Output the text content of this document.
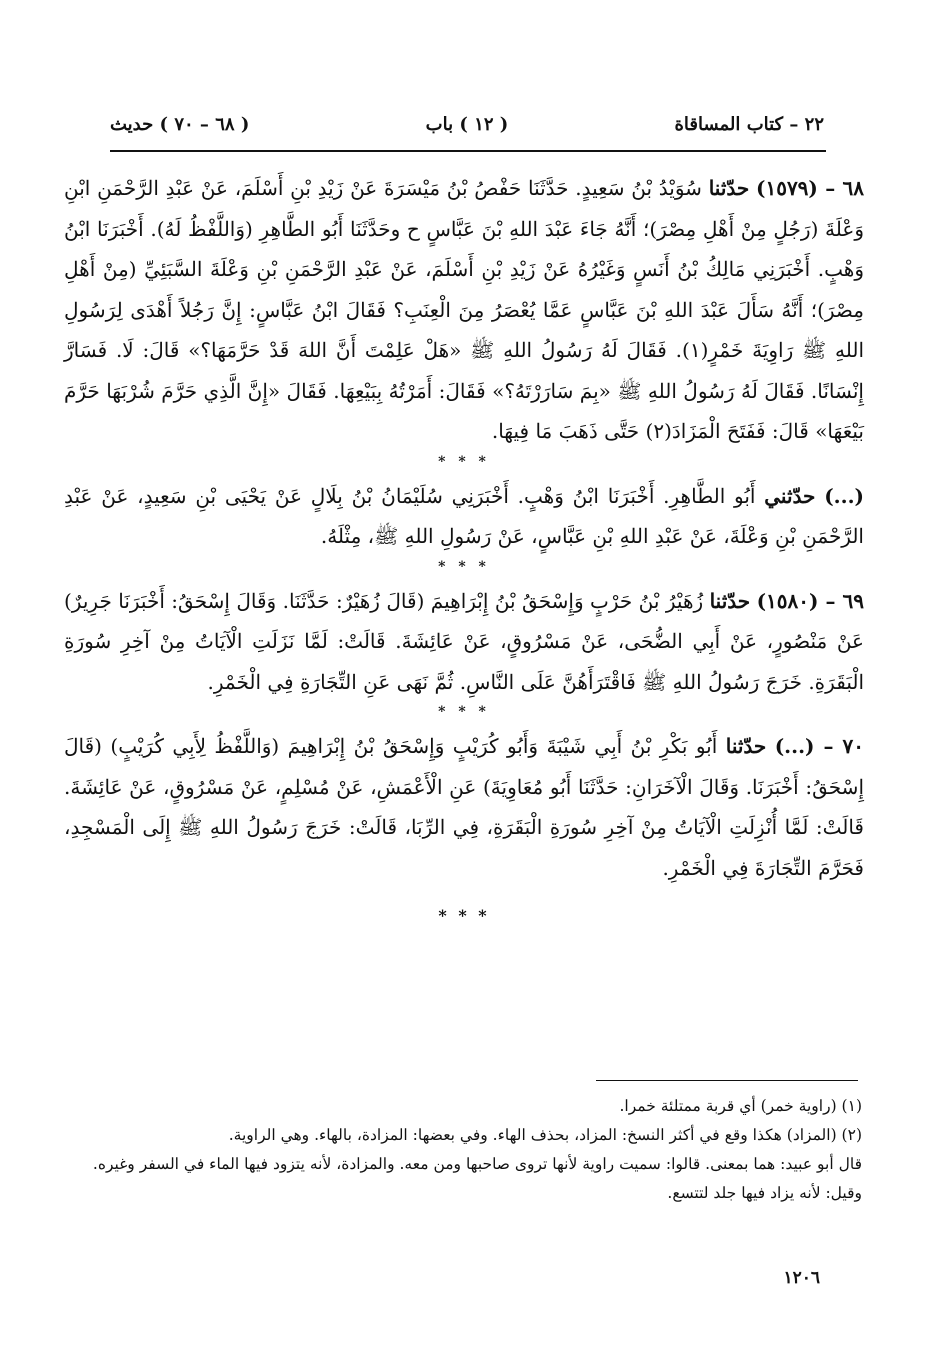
٢٢ – كتاب المساقاة
( ١٢ ) باب
( ٦٨ – ٧٠ ) حديث

٦٨ – (١٥٧٩) حدّثنا سُوَيْدُ بْنُ سَعِيدٍ. حَدَّثَنَا حَفْصُ بْنُ مَيْسَرَةَ عَنْ زَيْدِ بْنِ أَسْلَمَ، عَنْ عَبْدِ الرَّحْمَنِ ابْنِ وَعْلَةَ (رَجُلٍ مِنْ أَهْلِ مِصْرَ)؛ أَنَّهُ جَاءَ عَبْدَ اللهِ بْنَ عَبَّاسٍ ح وحَدَّثَنَا أَبُو الطَّاهِرِ (وَاللَّفْظُ لَهُ). أَخْبَرَنَا ابْنُ وَهْبٍ. أَخْبَرَنِي مَالِكُ بْنُ أَنَسٍ وَغَيْرُهُ عَنْ زَيْدِ بْنِ أَسْلَمَ، عَنْ عَبْدِ الرَّحْمَنِ بْنِ وَعْلَةَ السَّبَئِيِّ (مِنْ أَهْلِ مِصْرَ)؛ أَنَّهُ سَأَلَ عَبْدَ اللهِ بْنَ عَبَّاسٍ عَمَّا يُعْصَرُ مِنَ الْعِنَبِ؟ فَقَالَ ابْنُ عَبَّاسٍ: إِنَّ رَجُلاً أَهْدَى لِرَسُولِ اللهِ ﷺ رَاوِيَةَ خَمْرٍ(١). فَقَالَ لَهُ رَسُولُ اللهِ ﷺ «هَلْ عَلِمْتَ أَنَّ اللهَ قَدْ حَرَّمَهَا؟» قَالَ: لَا. فَسَارَّ إِنْسَانًا. فَقَالَ لَهُ رَسُولُ اللهِ ﷺ «بِمَ سَارَرْتَهُ؟» فَقَالَ: أَمَرْتُهُ بِبَيْعِهَا. فَقَالَ «إِنَّ الَّذِي حَرَّمَ شُرْبَهَا حَرَّمَ بَيْعَهَا» قَالَ: فَفَتَحَ الْمَزَادَ(٢) حَتَّى ذَهَبَ مَا فِيهَا.

* * *

(...) حدّثني أَبُو الطَّاهِرِ. أَخْبَرَنَا ابْنُ وَهْبٍ. أَخْبَرَنِي سُلَيْمَانُ بْنُ بِلَالٍ عَنْ يَحْيَى بْنِ سَعِيدٍ، عَنْ عَبْدِ الرَّحْمَنِ بْنِ وَعْلَةَ، عَنْ عَبْدِ اللهِ بْنِ عَبَّاسٍ، عَنْ رَسُولِ اللهِ ﷺ، مِثْلَهُ.

* * *

٦٩ – (١٥٨٠) حدّثنا زُهَيْرُ بْنُ حَرْبٍ وَإِسْحَقُ بْنُ إِبْرَاهِيمَ (قَالَ زُهَيْرٌ: حَدَّثَنَا. وَقَالَ إِسْحَقُ: أَخْبَرَنَا جَرِيرٌ) عَنْ مَنْصُورٍ، عَنْ أَبِي الضُّحَى، عَنْ مَسْرُوقٍ، عَنْ عَائِشَةَ. قَالَتْ: لَمَّا نَزَلَتِ الْآيَاتُ مِنْ آخِرِ سُورَةِ الْبَقَرَةِ. خَرَجَ رَسُولُ اللهِ ﷺ فَاقْتَرَأَهُنَّ عَلَى النَّاسِ. ثُمَّ نَهَى عَنِ التِّجَارَةِ فِي الْخَمْرِ.

* * *

٧٠ – (...) حدّثنا أَبُو بَكْرِ بْنُ أَبِي شَيْبَةَ وَأَبُو كُرَيْبٍ وَإِسْحَقُ بْنُ إِبْرَاهِيمَ (وَاللَّفْظُ لِأَبِي كُرَيْبٍ) (قَالَ إِسْحَقُ: أَخْبَرَنَا. وَقَالَ الْآخَرَانِ: حَدَّثَنَا أَبُو مُعَاوِيَةَ) عَنِ الْأَعْمَشِ، عَنْ مُسْلِمٍ، عَنْ مَسْرُوقٍ، عَنْ عَائِشَةَ. قَالَتْ: لَمَّا أُنْزِلَتِ الْآيَاتُ مِنْ آخِرِ سُورَةِ الْبَقَرَةِ، فِي الرِّبَا، قَالَتْ: خَرَجَ رَسُولُ اللهِ ﷺ إِلَى الْمَسْجِدِ، فَحَرَّمَ التِّجَارَةَ فِي الْخَمْرِ.

* * *

(١) (راوية خمر) أي قربة ممتلئة خمرا.

(٢) (المزاد) هكذا وقع في أكثر النسخ: المزاد، بحذف الهاء. وفي بعضها: المزادة، بالهاء. وهي الراوية.

قال أبو عبيد: هما بمعنى. قالوا: سميت راوية لأنها تروى صاحبها ومن معه. والمزادة، لأنه يتزود فيها الماء في السفر وغيره.

وقيل: لأنه يزاد فيها جلد لتتسع.

١٢٠٦
